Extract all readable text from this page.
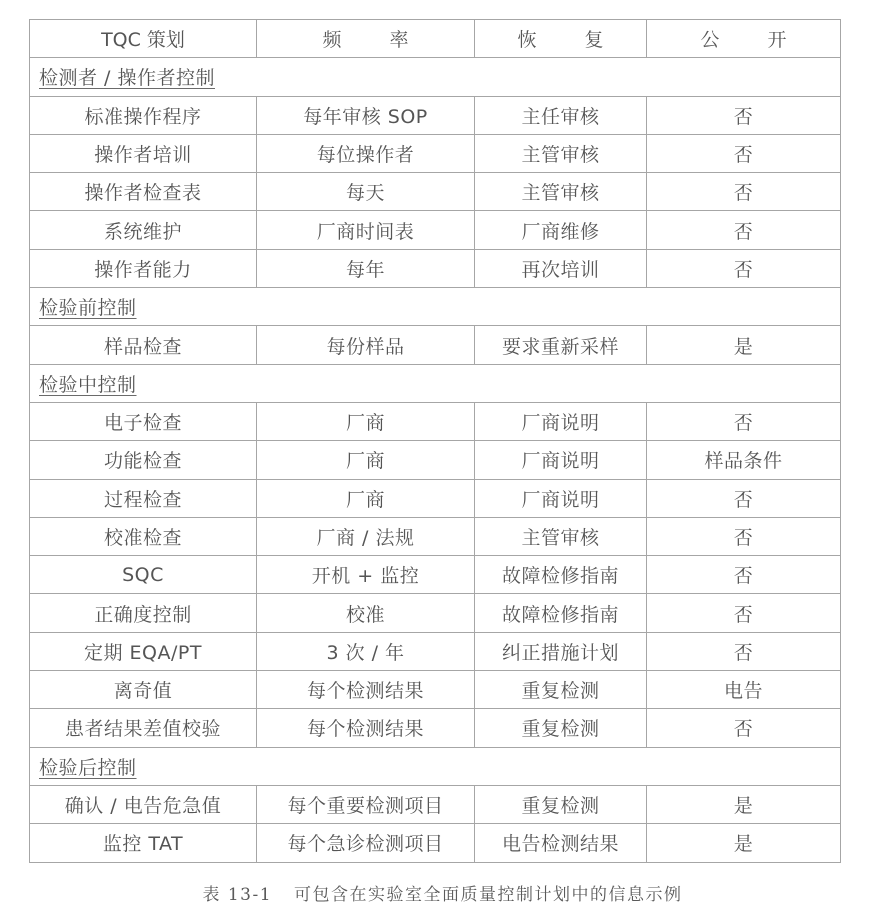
TQC 策划	频 率	恢 复	公 开
检测者 / 操作者控制			
标准操作程序	每年审核 SOP	主任审核	否
操作者培训	每位操作者	主管审核	否
操作者检查表	每天	主管审核	否
系统维护	厂商时间表	厂商维修	否
操作者能力	每年	再次培训	否
检验前控制			
样品检查	每份样品	要求重新采样	是
检验中控制			
电子检查	厂商	厂商说明	否
功能检查	厂商	厂商说明	样品条件
过程检查	厂商	厂商说明	否
校准检查	厂商 / 法规	主管审核	否
SQC	开机 + 监控	故障检修指南	否
正确度控制	校准	故障检修指南	否
定期 EQA/PT	3 次 / 年	纠正措施计划	否
离奇值	每个检测结果	重复检测	电告
患者结果差值校验	每个检测结果	重复检测	否
检验后控制			
确认 / 电告危急值	每个重要检测项目	重复检测	是
监控 TAT	每个急诊检测项目	电告检测结果	是
表 13-1 可包含在实验室全面质量控制计划中的信息示例
